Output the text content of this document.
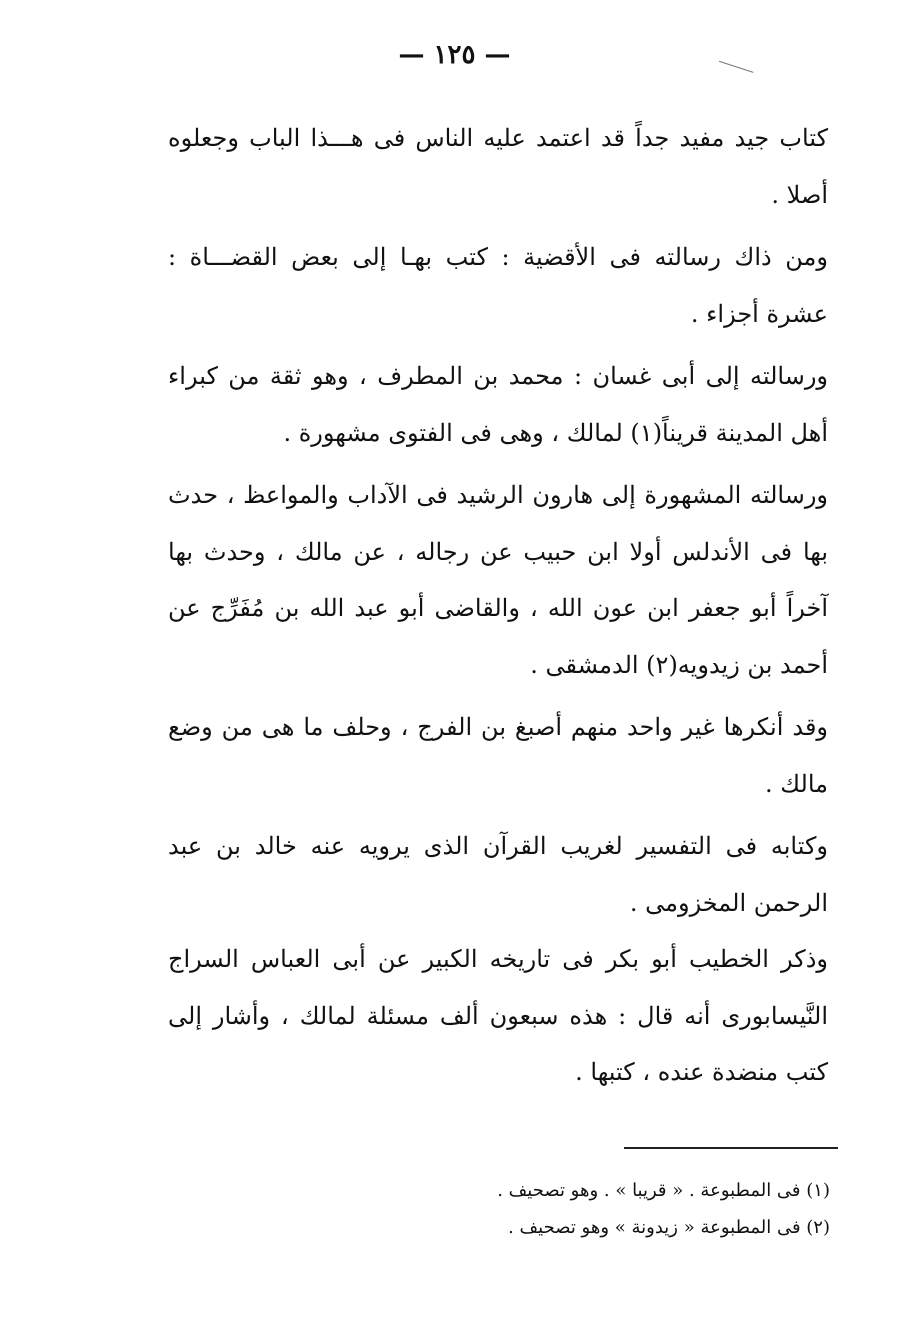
— ١٢٥ —

كتاب جيد مفيد جداً قد اعتمد عليه الناس فى هـــذا الباب وجعلوه أصلا .

ومن ذاك رسالته فى الأقضية : كتب بهـا إلى بعض القضـــاة : عشرة أجزاء .

ورسالته إلى أبى غسان : محمد بن المطرف ، وهو ثقة من كبراء أهل المدينة قريناً(١) لمالك ، وهى فى الفتوى مشهورة .

ورسالته المشهورة إلى هارون الرشيد فى الآداب والمواعظ ، حدث بها فى الأندلس أولا ابن حبيب عن رجاله ، عن مالك ، وحدث بها آخراً أبو جعفر ابن عون الله ، والقاضى أبو عبد الله بن مُفَرِّج عن أحمد بن زيدويه(٢) الدمشقى .

وقد أنكرها غير واحد منهم أصبغ بن الفرج ، وحلف ما هى من وضع مالك .

وكتابه فى التفسير لغريب القرآن الذى يرويه عنه خالد بن عبد الرحمن المخزومى .

وذكر الخطيب أبو بكر فى تاريخه الكبير عن أبى العباس السراج النَّيسابورى أنه قال : هذه سبعون ألف مسئلة لمالك ، وأشار إلى كتب منضدة عنده ، كتبها .

(١) فى المطبوعة . « قريبا » . وهو تصحيف .
(٢) فى المطبوعة « زيدونة » وهو تصحيف .
